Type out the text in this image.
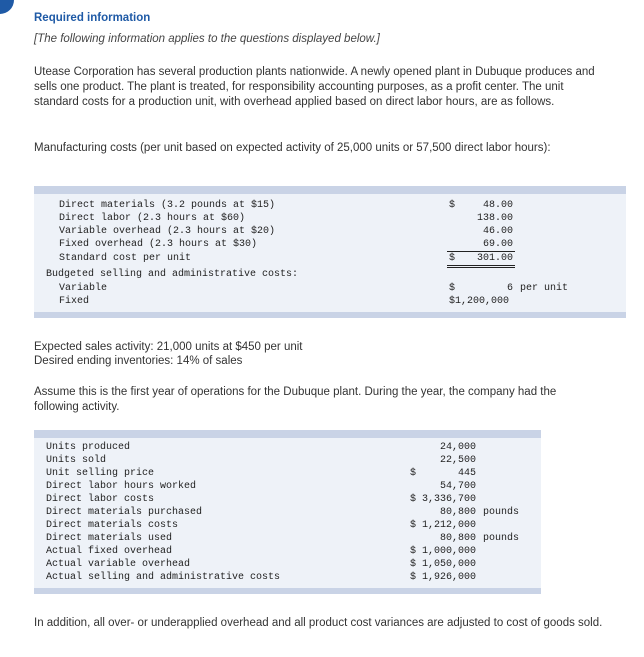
Required information
[The following information applies to the questions displayed below.]
Utease Corporation has several production plants nationwide. A newly opened plant in Dubuque produces and sells one product. The plant is treated, for responsibility accounting purposes, as a profit center. The unit standard costs for a production unit, with overhead applied based on direct labor hours, are as follows.
Manufacturing costs (per unit based on expected activity of 25,000 units or 57,500 direct labor hours):
Direct materials (3.2 pounds at $15)	$	48.00
Direct labor (2.3 hours at $60)	138.00
Variable overhead (2.3 hours at $20)	46.00
Fixed overhead (2.3 hours at $30)	69.00
Standard cost per unit	$	301.00
Budgeted selling and administrative costs:
Variable	$	6 per unit
Fixed	$1,200,000
Expected sales activity: 21,000 units at $450 per unit
Desired ending inventories: 14% of sales
Assume this is the first year of operations for the Dubuque plant. During the year, the company had the following activity.
Units produced	24,000
Units sold	22,500
Unit selling price	$       445
Direct labor hours worked	54,700
Direct labor costs	$ 3,336,700
Direct materials purchased	80,800 pounds
Direct materials costs	$ 1,212,000
Direct materials used	80,800 pounds
Actual fixed overhead	$ 1,000,000
Actual variable overhead	$ 1,050,000
Actual selling and administrative costs	$ 1,926,000
In addition, all over- or underapplied overhead and all product cost variances are adjusted to cost of goods sold.
